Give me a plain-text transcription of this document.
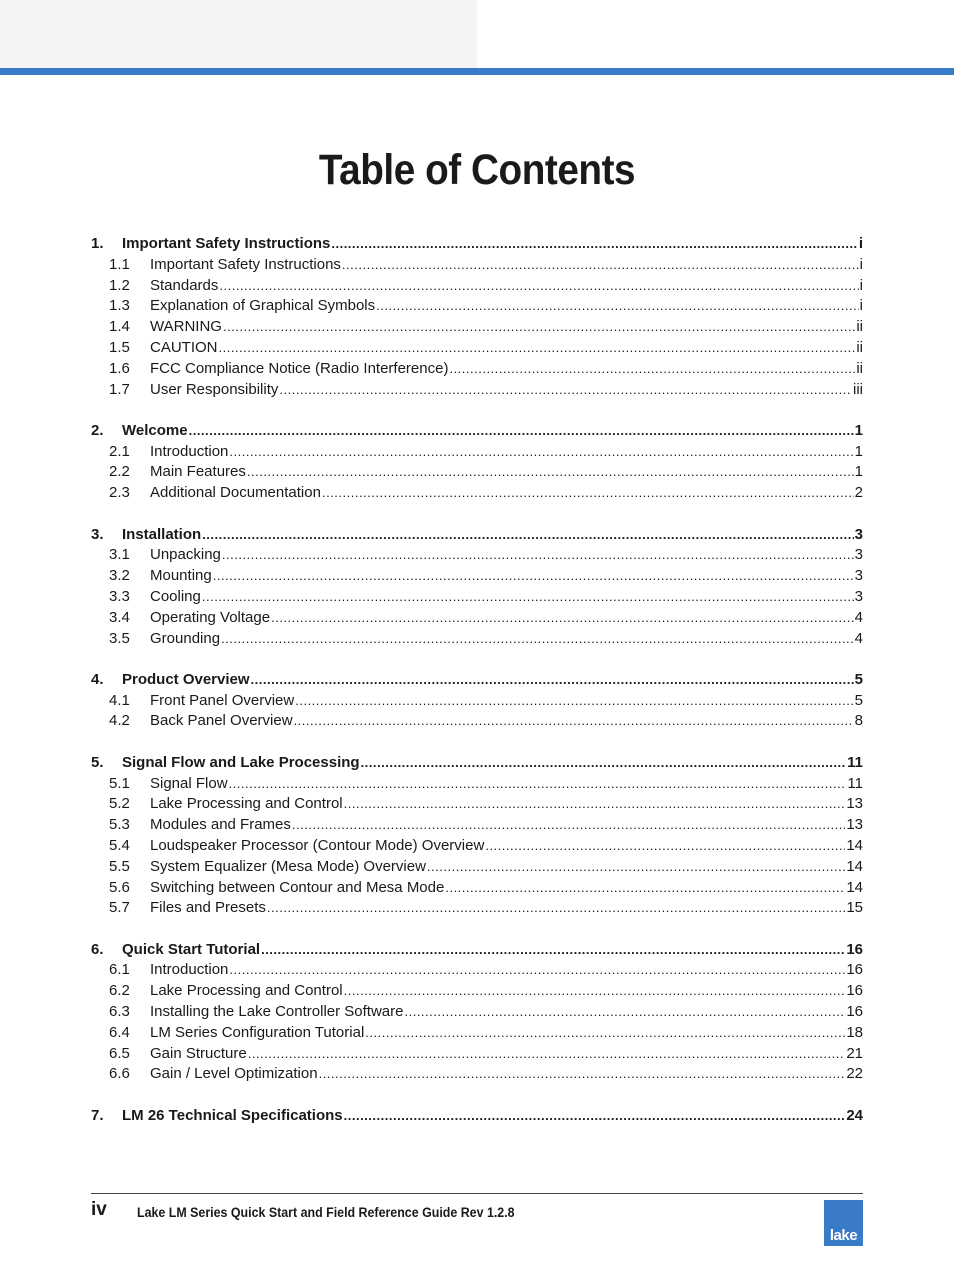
Table of Contents
1.	Important Safety Instructions .....	i
1.1	Important Safety Instructions .....	i
1.2	Standards .....	i
1.3	Explanation of Graphical Symbols .....	i
1.4	WARNING .....	ii
1.5	CAUTION .....	ii
1.6	FCC Compliance Notice (Radio Interference) .....	ii
1.7	User Responsibility .....	iii
2.	Welcome .....	1
2.1	Introduction .....	1
2.2	Main Features .....	1
2.3	Additional Documentation .....	2
3.	Installation .....	3
3.1	Unpacking .....	3
3.2	Mounting .....	3
3.3	Cooling .....	3
3.4	Operating Voltage .....	4
3.5	Grounding .....	4
4.	Product Overview .....	5
4.1	Front Panel Overview .....	5
4.2	Back Panel Overview .....	8
5.	Signal Flow and Lake Processing .....	11
5.1	Signal Flow .....	11
5.2	Lake Processing and Control .....	13
5.3	Modules and Frames .....	13
5.4	Loudspeaker Processor (Contour Mode) Overview .....	14
5.5	System Equalizer (Mesa Mode) Overview .....	14
5.6	Switching between Contour and Mesa Mode .....	14
5.7	Files and Presets .....	15
6.	Quick Start Tutorial .....	16
6.1	Introduction .....	16
6.2	Lake Processing and Control .....	16
6.3	Installing the Lake Controller Software .....	16
6.4	LM Series Configuration Tutorial .....	18
6.5	Gain Structure .....	21
6.6	Gain / Level Optimization .....	22
7.	LM 26 Technical Specifications .....	24
iv Lake LM Series Quick Start and Field Reference Guide Rev 1.2.8
lake
